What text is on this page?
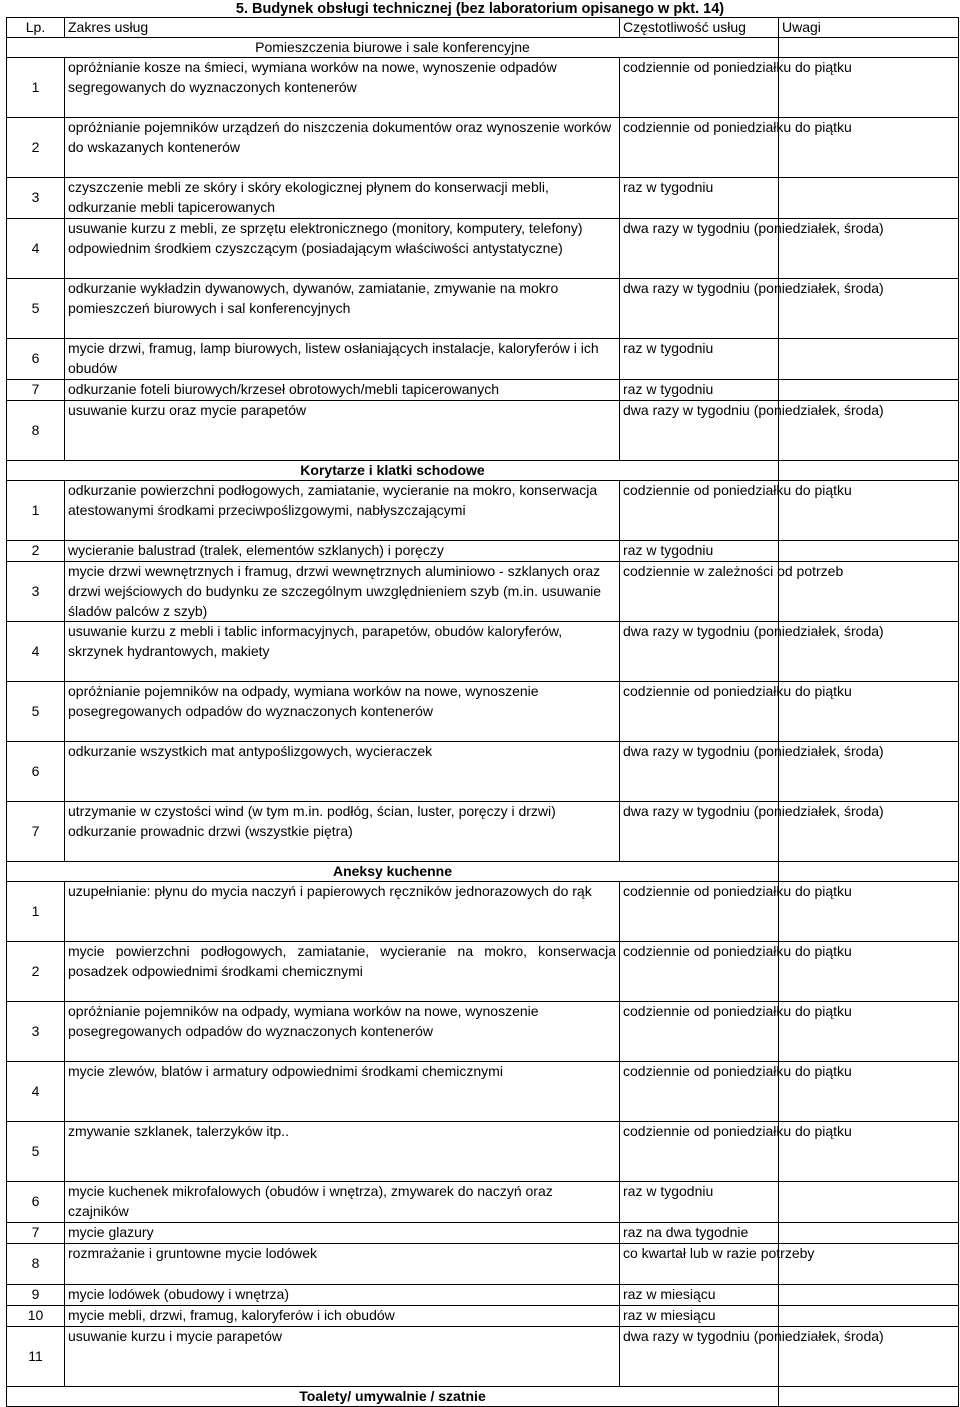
5. Budynek obsługi technicznej (bez laboratorium opisanego w pkt. 14)
Lp.	Zakres usług	Częstotliwość usług	Uwagi
Pomieszczenia biurowe i sale konferencyjne			
1	opróżnianie kosze na śmieci, wymiana worków na nowe, wynoszenie odpadów segregowanych do wyznaczonych kontenerów	codziennie od poniedziałku do piątku	
2	opróżnianie pojemników urządzeń do niszczenia dokumentów oraz wynoszenie worków do wskazanych kontenerów	codziennie od poniedziałku do piątku	
3	czyszczenie mebli ze skóry i skóry ekologicznej płynem do konserwacji mebli, odkurzanie mebli tapicerowanych	raz w tygodniu	
4	usuwanie kurzu z mebli, ze sprzętu elektronicznego (monitory, komputery, telefony) odpowiednim środkiem czyszczącym (posiadającym właściwości antystatyczne)	dwa razy w tygodniu (poniedziałek, środa)	
5	odkurzanie wykładzin dywanowych, dywanów, zamiatanie, zmywanie na mokro pomieszczeń biurowych i sal konferencyjnych	dwa razy w tygodniu (poniedziałek, środa)	
6	mycie drzwi, framug, lamp biurowych, listew osłaniających instalacje, kaloryferów i ich obudów	raz w tygodniu	
7	odkurzanie foteli biurowych/krzeseł obrotowych/mebli tapicerowanych	raz w tygodniu	
8	usuwanie kurzu oraz mycie parapetów	dwa razy w tygodniu (poniedziałek, środa)	
Korytarze i klatki schodowe			
1	odkurzanie powierzchni podłogowych, zamiatanie, wycieranie na mokro, konserwacja atestowanymi środkami przeciwpoślizgowymi, nabłyszczającymi	codziennie od poniedziałku do piątku	
2	wycieranie balustrad (tralek, elementów szklanych) i poręczy	raz w tygodniu	
3	mycie drzwi wewnętrznych i framug, drzwi wewnętrznych aluminiowo - szklanych oraz drzwi wejściowych do budynku ze szczególnym uwzględnieniem szyb (m.in. usuwanie śladów palców z szyb)	codziennie w zależności od potrzeb	
4	usuwanie kurzu z mebli i tablic informacyjnych, parapetów, obudów kaloryferów, skrzynek hydrantowych, makiety	dwa razy w tygodniu (poniedziałek, środa)	
5	opróżnianie pojemników na odpady, wymiana worków na nowe, wynoszenie posegregowanych odpadów do wyznaczonych kontenerów	codziennie od poniedziałku do piątku	
6	odkurzanie wszystkich mat antypoślizgowych, wycieraczek	dwa razy w tygodniu (poniedziałek, środa)	
7	utrzymanie w czystości wind (w tym m.in. podłóg, ścian, luster, poręczy i drzwi) odkurzanie prowadnic drzwi (wszystkie piętra)	dwa razy w tygodniu (poniedziałek, środa)	
Aneksy kuchenne			
1	uzupełnianie: płynu do mycia naczyń i papierowych ręczników jednorazowych do rąk	codziennie od poniedziałku do piątku	
2	mycie powierzchni podłogowych, zamiatanie, wycieranie na mokro, konserwacja posadzek odpowiednimi środkami chemicznymi	codziennie od poniedziałku do piątku	
3	opróżnianie pojemników na odpady, wymiana worków na nowe, wynoszenie posegregowanych odpadów do wyznaczonych kontenerów	codziennie od poniedziałku do piątku	
4	mycie zlewów, blatów i armatury odpowiednimi środkami chemicznymi	codziennie od poniedziałku do piątku	
5	zmywanie szklanek, talerzyków itp..	codziennie od poniedziałku do piątku	
6	mycie kuchenek mikrofalowych (obudów i wnętrza), zmywarek do naczyń oraz czajników	raz w tygodniu	
7	mycie glazury	raz na dwa tygodnie	
8	rozmrażanie i gruntowne mycie lodówek	co kwartał lub w razie potrzeby	
9	mycie lodówek (obudowy i wnętrza)	raz w miesiącu	
10	mycie mebli, drzwi, framug, kaloryferów i ich obudów	raz w miesiącu	
11	usuwanie kurzu i mycie parapetów	dwa razy w tygodniu (poniedziałek, środa)	
Toalety/ umywalnie / szatnie			
